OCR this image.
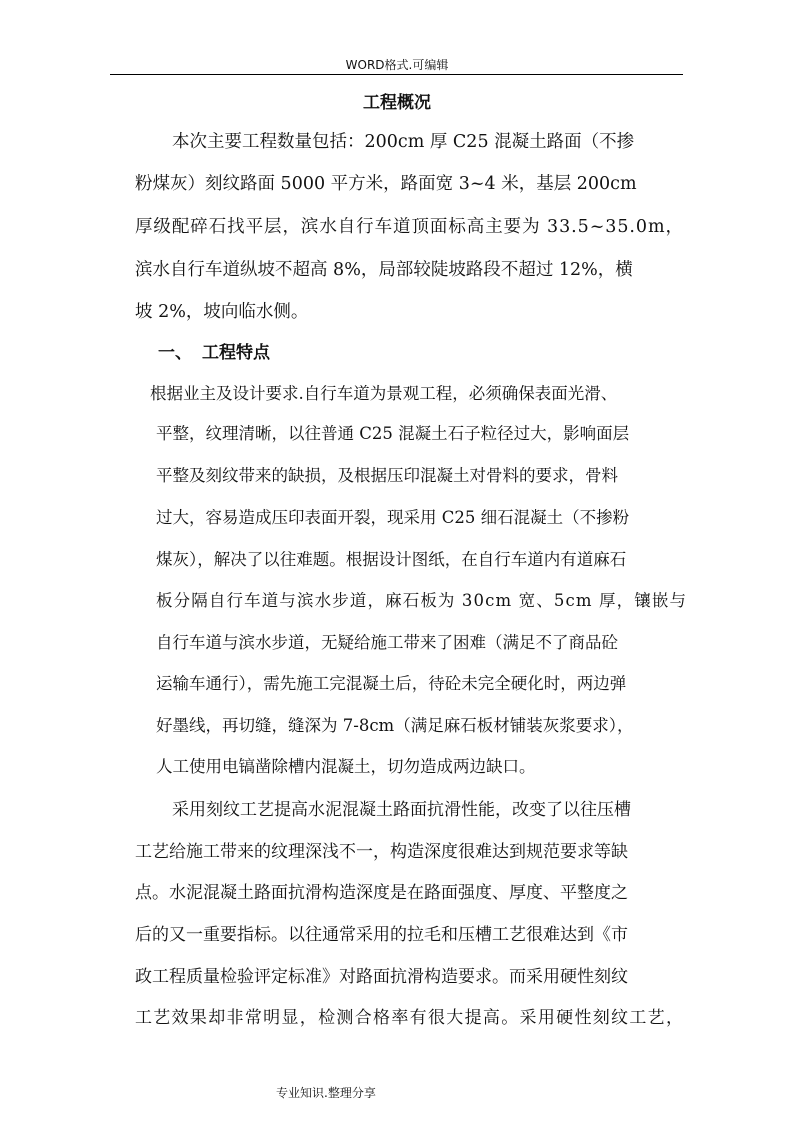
WORD格式.可编辑
工程概况
本次主要工程数量包括：200cm 厚 C25 混凝土路面（不掺
粉煤灰）刻纹路面 5000 平方米，路面宽 3~4 米，基层 200cm
厚级配碎石找平层，滨水自行车道顶面标高主要为 33.5~35.0m，
滨水自行车道纵坡不超高 8%，局部较陡坡路段不超过 12%，横
坡 2%，坡向临水侧。
一、 工程特点
根据业主及设计要求.自行车道为景观工程，必须确保表面光滑、
平整，纹理清晰，以往普通 C25 混凝土石子粒径过大，影响面层
平整及刻纹带来的缺损，及根据压印混凝土对骨料的要求，骨料
过大，容易造成压印表面开裂，现采用 C25 细石混凝土（不掺粉
煤灰），解决了以往难题。根据设计图纸，在自行车道内有道麻石
板分隔自行车道与滨水步道，麻石板为 30cm 宽、5cm 厚，镶嵌与
自行车道与滨水步道，无疑给施工带来了困难（满足不了商品砼
运输车通行），需先施工完混凝土后，待砼未完全硬化时，两边弹
好墨线，再切缝，缝深为 7-8cm（满足麻石板材铺装灰浆要求），
人工使用电镐凿除槽内混凝土，切勿造成两边缺口。
采用刻纹工艺提高水泥混凝土路面抗滑性能，改变了以往压槽
工艺给施工带来的纹理深浅不一，构造深度很难达到规范要求等缺
点。水泥混凝土路面抗滑构造深度是在路面强度、厚度、平整度之
后的又一重要指标。以往通常采用的拉毛和压槽工艺很难达到《市
政工程质量检验评定标准》对路面抗滑构造要求。而采用硬性刻纹
工艺效果却非常明显，检测合格率有很大提高。采用硬性刻纹工艺，
专业知识.整理分享
